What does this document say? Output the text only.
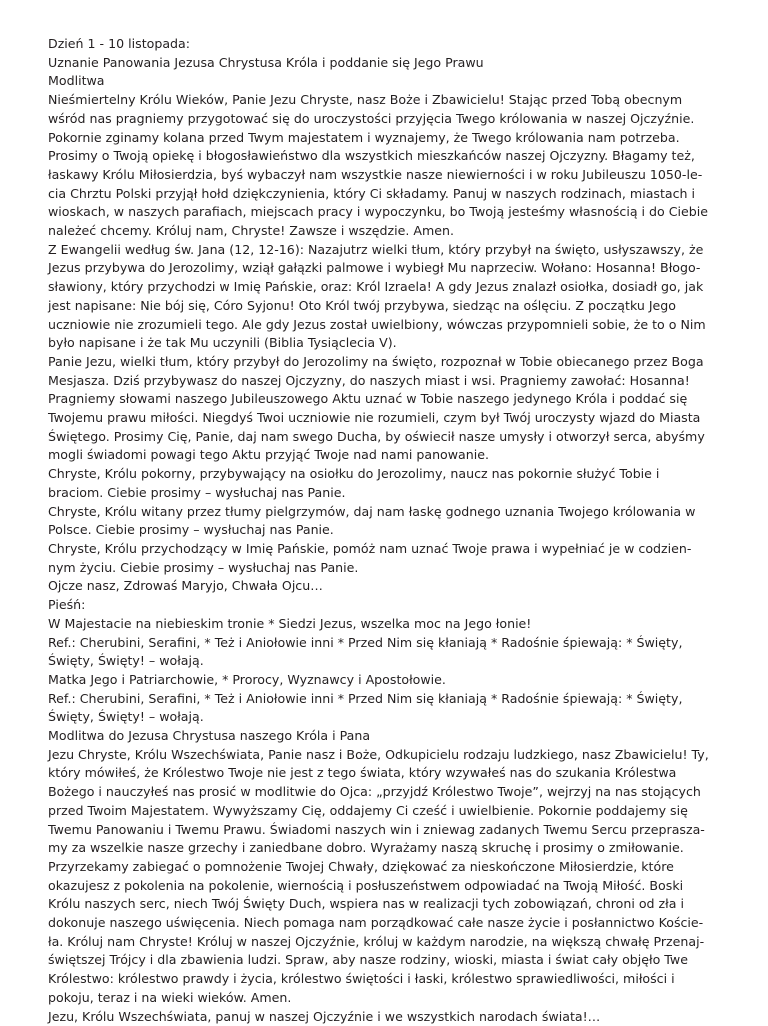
Dzień 1 - 10 listopada:
Uznanie Panowania Jezusa Chrystusa Króla i poddanie się Jego Prawu
Modlitwa
Nieśmiertelny Królu Wieków, Panie Jezu Chryste, nasz Boże i Zbawicielu! Stając przed Tobą obecnym
wśród nas pragniemy przygotować się do uroczystości przyjęcia Twego królowania w naszej Ojczyźnie.
Pokornie zginamy kolana przed Twym majestatem i wyznajemy, że Twego królowania nam potrzeba.
Prosimy o Twoją opiekę i błogosławieństwo dla wszystkich mieszkańców naszej Ojczyzny. Błagamy też,
łaskawy Królu Miłosierdzia, byś wybaczył nam wszystkie nasze niewierności i w roku Jubileuszu 1050-le-
cia Chrztu Polski przyjął hołd dziękczynienia, który Ci składamy. Panuj w naszych rodzinach, miastach i
wioskach, w naszych parafiach, miejscach pracy i wypoczynku, bo Twoją jesteśmy własnością i do Ciebie
należeć chcemy. Króluj nam, Chryste! Zawsze i wszędzie. Amen.
Z Ewangelii według św. Jana (12, 12-16): Nazajutrz wielki tłum, który przybył na święto, usłyszawszy, że
Jezus przybywa do Jerozolimy, wziął gałązki palmowe i wybiegł Mu naprzeciw. Wołano: Hosanna! Błogo-
sławiony, który przychodzi w Imię Pańskie, oraz: Król Izraela! A gdy Jezus znalazł osiołka, dosiadł go, jak
jest napisane: Nie bój się, Córo Syjonu! Oto Król twój przybywa, siedząc na oślęciu. Z początku Jego
uczniowie nie zrozumieli tego. Ale gdy Jezus został uwielbiony, wówczas przypomnieli sobie, że to o Nim
było napisane i że tak Mu uczynili (Biblia Tysiąclecia V).
Panie Jezu, wielki tłum, który przybył do Jerozolimy na święto, rozpoznał w Tobie obiecanego przez Boga
Mesjasza. Dziś przybywasz do naszej Ojczyzny, do naszych miast i wsi. Pragniemy zawołać: Hosanna!
Pragniemy słowami naszego Jubileuszowego Aktu uznać w Tobie naszego jedynego Króla i poddać się
Twojemu prawu miłości. Niegdyś Twoi uczniowie nie rozumieli, czym był Twój uroczysty wjazd do Miasta
Świętego. Prosimy Cię, Panie, daj nam swego Ducha, by oświecił nasze umysły i otworzył serca, abyśmy
mogli świadomi powagi tego Aktu przyjąć Twoje nad nami panowanie.
Chryste, Królu pokorny, przybywający na osiołku do Jerozolimy, naucz nas pokornie służyć Tobie i
braciom. Ciebie prosimy – wysłuchaj nas Panie.
Chryste, Królu witany przez tłumy pielgrzymów, daj nam łaskę godnego uznania Twojego królowania w
Polsce. Ciebie prosimy – wysłuchaj nas Panie.
Chryste, Królu przychodzący w Imię Pańskie, pomóż nam uznać Twoje prawa i wypełniać je w codzien-
nym życiu. Ciebie prosimy – wysłuchaj nas Panie.
Ojcze nasz, Zdrowaś Maryjo, Chwała Ojcu…
Pieśń:
W Majestacie na niebieskim tronie * Siedzi Jezus, wszelka moc na Jego łonie!
Ref.: Cherubini, Serafini, * Też i Aniołowie inni * Przed Nim się kłaniają * Radośnie śpiewają: * Święty,
Święty, Święty! – wołają.
Matka Jego i Patriarchowie, * Prorocy, Wyznawcy i Apostołowie.
Ref.: Cherubini, Serafini, * Też i Aniołowie inni * Przed Nim się kłaniają * Radośnie śpiewają: * Święty,
Święty, Święty! – wołają.
Modlitwa do Jezusa Chrystusa naszego Króla i Pana
Jezu Chryste, Królu Wszechświata, Panie nasz i Boże, Odkupicielu rodzaju ludzkiego, nasz Zbawicielu! Ty,
który mówiłeś, że Królestwo Twoje nie jest z tego świata, który wzywałeś nas do szukania Królestwa
Bożego i nauczyłeś nas prosić w modlitwie do Ojca: „przyjdź Królestwo Twoje”, wejrzyj na nas stojących
przed Twoim Majestatem. Wywyższamy Cię, oddajemy Ci cześć i uwielbienie. Pokornie poddajemy się
Twemu Panowaniu i Twemu Prawu. Świadomi naszych win i zniewag zadanych Twemu Sercu przeprasza-
my za wszelkie nasze grzechy i zaniedbane dobro. Wyrażamy naszą skruchę i prosimy o zmiłowanie.
Przyrzekamy zabiegać o pomnożenie Twojej Chwały, dziękować za nieskończone Miłosierdzie, które
okazujesz z pokolenia na pokolenie, wiernością i posłuszeństwem odpowiadać na Twoją Miłość. Boski
Królu naszych serc, niech Twój Święty Duch, wspiera nas w realizacji tych zobowiązań, chroni od zła i
dokonuje naszego uświęcenia. Niech pomaga nam porządkować całe nasze życie i posłannictwo Koście-
ła. Króluj nam Chryste! Króluj w naszej Ojczyźnie, króluj w każdym narodzie, na większą chwałę Przenaj-
świętszej Trójcy i dla zbawienia ludzi. Spraw, aby nasze rodziny, wioski, miasta i świat cały objęło Twe
Królestwo: królestwo prawdy i życia, królestwo świętości i łaski, królestwo sprawiedliwości, miłości i
pokoju, teraz i na wieki wieków. Amen.
Jezu, Królu Wszechświata, panuj w naszej Ojczyźnie i we wszystkich narodach świata!…
